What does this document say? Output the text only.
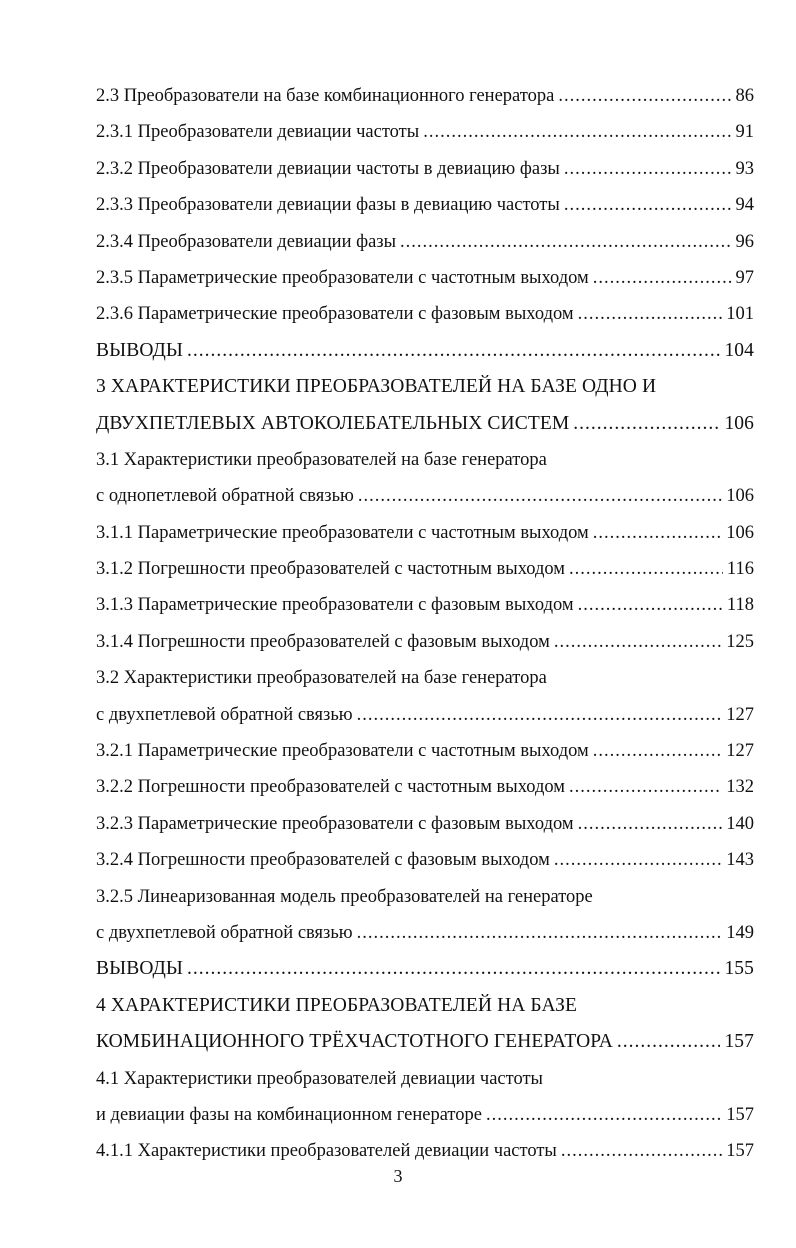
2.3 Преобразователи на базе комбинационного генератора .....	86
2.3.1 Преобразователи девиации частоты .....	91
2.3.2 Преобразователи девиации частоты в девиацию фазы .....	93
2.3.3 Преобразователи девиации фазы в девиацию частоты .....	94
2.3.4 Преобразователи девиации фазы .....	96
2.3.5 Параметрические преобразователи с частотным выходом .....	97
2.3.6 Параметрические преобразователи с фазовым выходом .....	101
ВЫВОДЫ .....	104
3 ХАРАКТЕРИСТИКИ ПРЕОБРАЗОВАТЕЛЕЙ НА БАЗЕ ОДНО И
ДВУХПЕТЛЕВЫХ АВТОКОЛЕБАТЕЛЬНЫХ СИСТЕМ .....	106
3.1 Характеристики преобразователей на базе генератора
с однопетлевой обратной связью .....	106
3.1.1 Параметрические преобразователи с частотным выходом .....	106
3.1.2 Погрешности преобразователей с частотным выходом .....	116
3.1.3 Параметрические преобразователи с фазовым выходом .....	118
3.1.4 Погрешности преобразователей с фазовым выходом .....	125
3.2 Характеристики преобразователей на базе генератора
с двухпетлевой обратной связью .....	127
3.2.1 Параметрические преобразователи с частотным выходом .....	127
3.2.2 Погрешности преобразователей с частотным выходом .....	132
3.2.3 Параметрические преобразователи с фазовым выходом .....	140
3.2.4 Погрешности преобразователей с фазовым выходом .....	143
3.2.5 Линеаризованная модель преобразователей на генераторе
с двухпетлевой обратной связью .....	149
ВЫВОДЫ .....	155
4 ХАРАКТЕРИСТИКИ ПРЕОБРАЗОВАТЕЛЕЙ НА БАЗЕ
КОМБИНАЦИОННОГО ТРЁХЧАСТОТНОГО ГЕНЕРАТОРА .....	157
4.1 Характеристики преобразователей девиации частоты
и девиации фазы на комбинационном генераторе .....	157
4.1.1 Характеристики преобразователей девиации частоты .....	157
3
